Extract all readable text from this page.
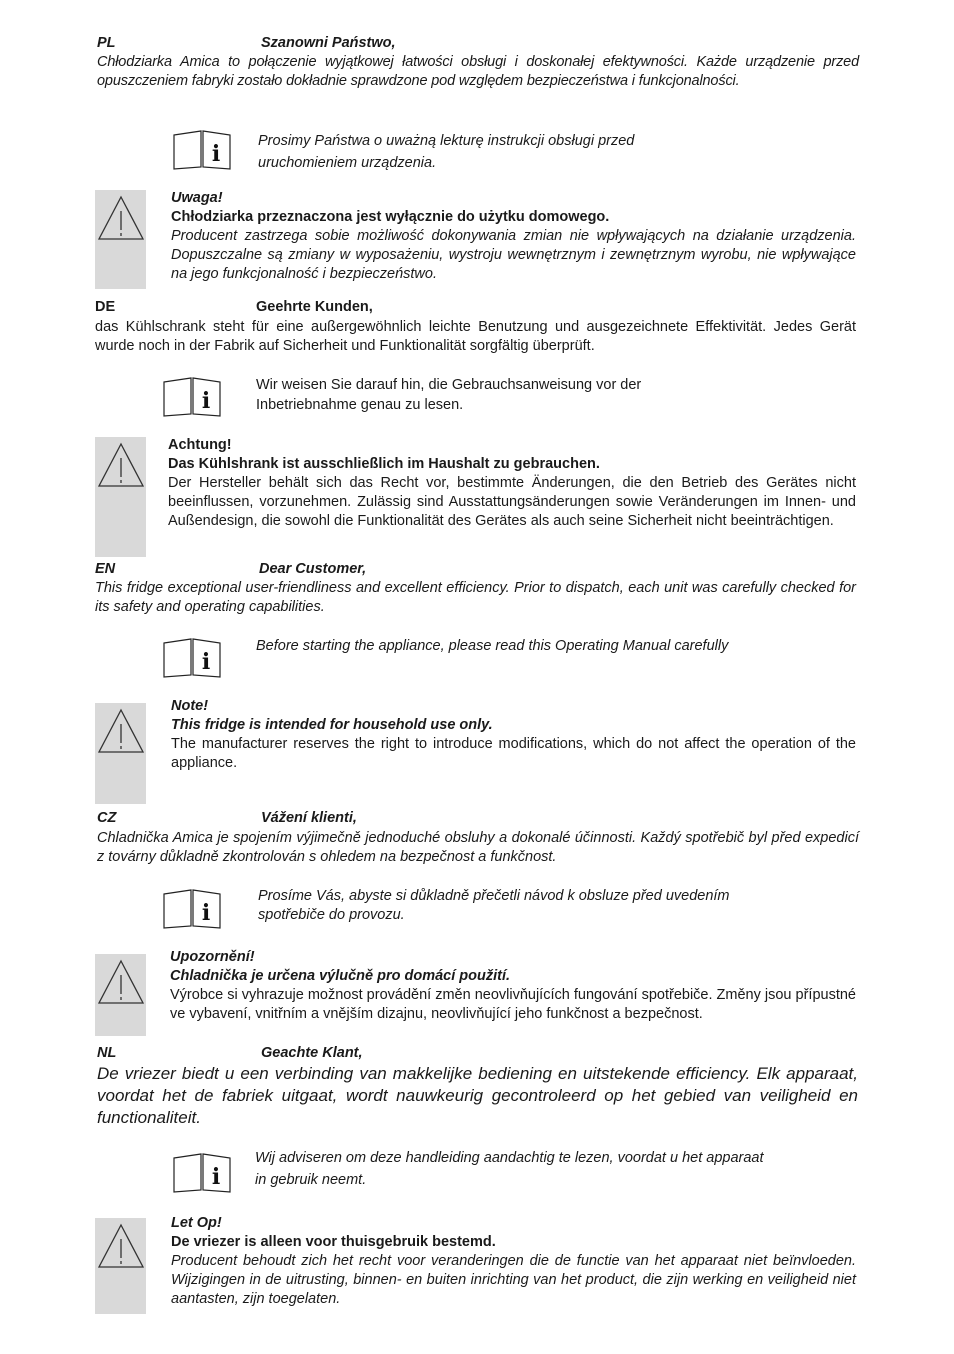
PL	Szanowni Państwo,
Chłodziarka Amica to połączenie wyjątkowej łatwości obsługi i doskonałej efektywności. Każde urządzenie przed opuszczeniem fabryki zostało dokładnie sprawdzone pod względem bezpieczeństwa i funkcjonalności.
i	Prosimy Państwa o uważną lekturę instrukcji obsługi przed
uruchomieniem urządzenia.
Uwaga!
Chłodziarka przeznaczona jest wyłącznie do użytku domowego.
Producent zastrzega sobie możliwość dokonywania zmian nie wpływających na działanie urządzenia. Dopuszczalne są zmiany w wyposażeniu, wystroju wewnętrznym i zewnętrznym wyrobu, nie wpływające na jego funkcjonalność i bezpieczeństwo.
DE	Geehrte Kunden,
das Kühlschrank steht für eine außergewöhnlich leichte Benutzung und ausgezeichnete Effektivität. Jedes Gerät wurde noch in der Fabrik auf Sicherheit und Funktionalität sorgfältig überprüft.
i
Wir weisen Sie darauf hin, die Gebrauchsanweisung vor der
Inbetriebnahme genau zu lesen.
Achtung!
Das Kühlshrank ist ausschließlich im Haushalt zu gebrauchen.
Der Hersteller behält sich das Recht vor, bestimmte Änderungen, die den Betrieb des Gerätes nicht beeinflussen, vorzunehmen. Zulässig sind Ausstattungsänderungen sowie Veränderungen im Innen- und Außendesign, die sowohl die Funktionalität des Gerätes als auch seine Sicherheit nicht beeinträchtigen.
EN	Dear Customer,
This fridge exceptional user-friendliness and excellent efficiency. Prior to dispatch, each unit was carefully checked for its safety and operating capabilities.
i
Before starting the appliance, please read this Operating Manual carefully
Note!
This fridge is intended for household use only.
The manufacturer reserves the right to introduce modifications, which do not affect the operation of the appliance.
CZ	Vážení klienti,
Chladnička Amica je spojením výjimečně jednoduché obsluhy a dokonalé účinnosti. Každý spotřebič byl před expedicí z továrny důkladně zkontrolován s ohledem na bezpečnost a funkčnost.
i
Prosíme Vás, abyste si důkladně přečetli návod k obsluze před uvedením
spotřebiče do provozu.
Upozornění!
Chladnička je určena výlučně pro domácí použití.
Výrobce si vyhrazuje možnost provádění změn neovlivňujících fungování spotřebiče. Změny jsou přípustné ve vybavení, vnitřním a vnějším dizajnu, neovlivňující jeho funkčnost a bezpečnost.
NL	Geachte Klant,
De vriezer biedt u een verbinding van makkelijke bediening en uitstekende efficiency. Elk apparaat, voordat het de fabriek uitgaat, wordt nauwkeurig gecontroleerd op het gebied van veiligheid en functionaliteit.
i
Wij adviseren om deze handleiding aandachtig te lezen, voordat u het apparaat
in gebruik neemt.
Let Op!
De vriezer is alleen voor thuisgebruik bestemd.
Producent behoudt zich het recht voor veranderingen die de functie van het apparaat niet beïnvloeden. Wijzigingen in de uitrusting, binnen- en buiten inrichting van het product, die zijn werking en veiligheid niet aantasten, zijn toegelaten.
